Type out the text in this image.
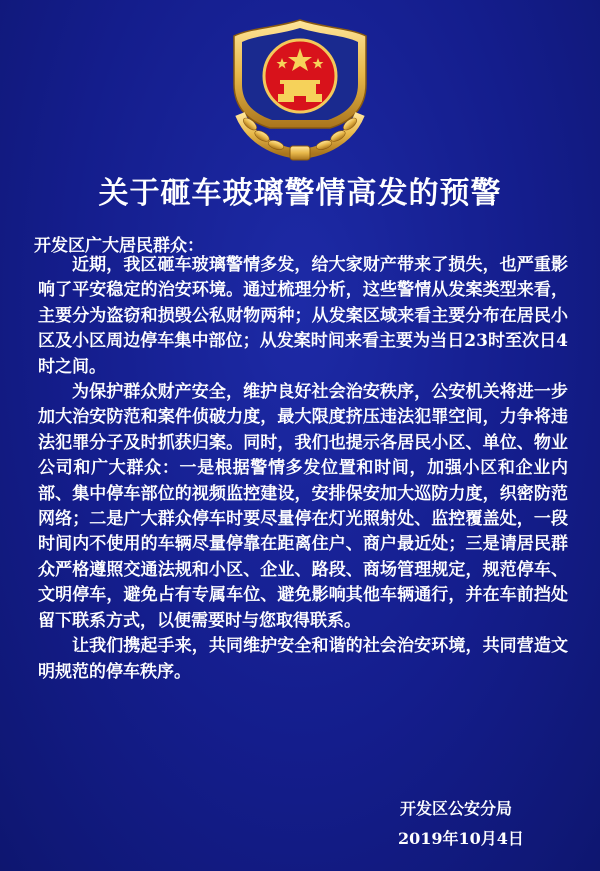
关于砸车玻璃警情高发的预警
开发区广大居民群众：

近期，我区砸车玻璃警情多发，给大家财产带来了损失，也严重影响了平安稳定的治安环境。通过梳理分析，这些警情从发案类型来看，主要分为盗窃和损毁公私财物两种；从发案区域来看主要分布在居民小区及小区周边停车集中部位；从发案时间来看主要为当日23时至次日4时之间。

为保护群众财产安全，维护良好社会治安秩序，公安机关将进一步加大治安防范和案件侦破力度，最大限度挤压违法犯罪空间，力争将违法犯罪分子及时抓获归案。同时，我们也提示各居民小区、单位、物业公司和广大群众：一是根据警情多发位置和时间，加强小区和企业内部、集中停车部位的视频监控建设，安排保安加大巡防力度，织密防范网络；二是广大群众停车时要尽量停在灯光照射处、监控覆盖处，一段时间内不使用的车辆尽量停靠在距离住户、商户最近处；三是请居民群众严格遵照交通法规和小区、企业、路段、商场管理规定，规范停车、文明停车，避免占有专属车位、避免影响其他车辆通行，并在车前挡处留下联系方式，以便需要时与您取得联系。

让我们携起手来，共同维护安全和谐的社会治安环境，共同营造文明规范的停车秩序。

开发区公安分局
2019年10月4日
